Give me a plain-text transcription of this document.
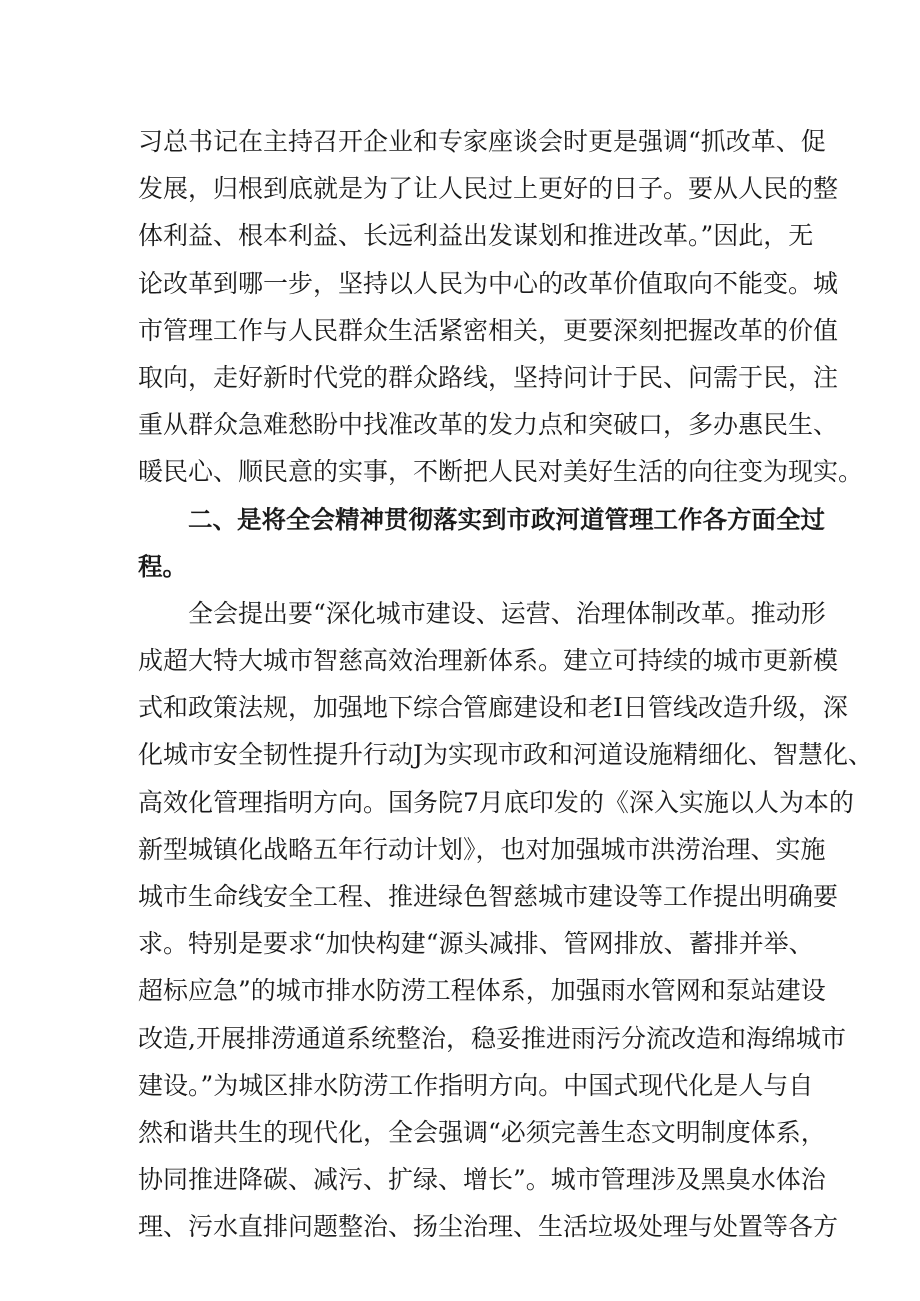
习总书记在主持召开企业和专家座谈会时更是强调“抓改革、促
发展，归根到底就是为了让人民过上更好的日子。要从人民的整
体利益、根本利益、长远利益出发谋划和推进改革。”因此，无
论改革到哪一步，坚持以人民为中心的改革价值取向不能变。城
市管理工作与人民群众生活紧密相关，更要深刻把握改革的价值
取向，走好新时代党的群众路线，坚持问计于民、问需于民，注
重从群众急难愁盼中找准改革的发力点和突破口，多办惠民生、
暖民心、顺民意的实事，不断把人民对美好生活的向往变为现实。
二、是将全会精神贯彻落实到市政河道管理工作各方面全过
程。
全会提出要“深化城市建设、运营、治理体制改革。推动形
成超大特大城市智慈高效治理新体系。建立可持续的城市更新模
式和政策法规，加强地下综合管廊建设和老I日管线改造升级，深
化城市安全韧性提升行动J为实现市政和河道设施精细化、智慧化、
高效化管理指明方向。国务院7月底印发的《深入实施以人为本的
新型城镇化战略五年行动计划》，也对加强城市洪涝治理、实施
城市生命线安全工程、推进绿色智慈城市建设等工作提出明确要
求。特别是要求“加快构建“源头减排、管网排放、蓄排并举、
超标应急”的城市排水防涝工程体系，加强雨水管网和泵站建设
改造,开展排涝通道系统整治，稳妥推进雨污分流改造和海绵城市
建设。”为城区排水防涝工作指明方向。中国式现代化是人与自
然和谐共生的现代化，全会强调“必须完善生态文明制度体系，
协同推进降碳、减污、扩绿、增长”。城市管理涉及黑臭水体治
理、污水直排问题整治、扬尘治理、生活垃圾处理与处置等各方
